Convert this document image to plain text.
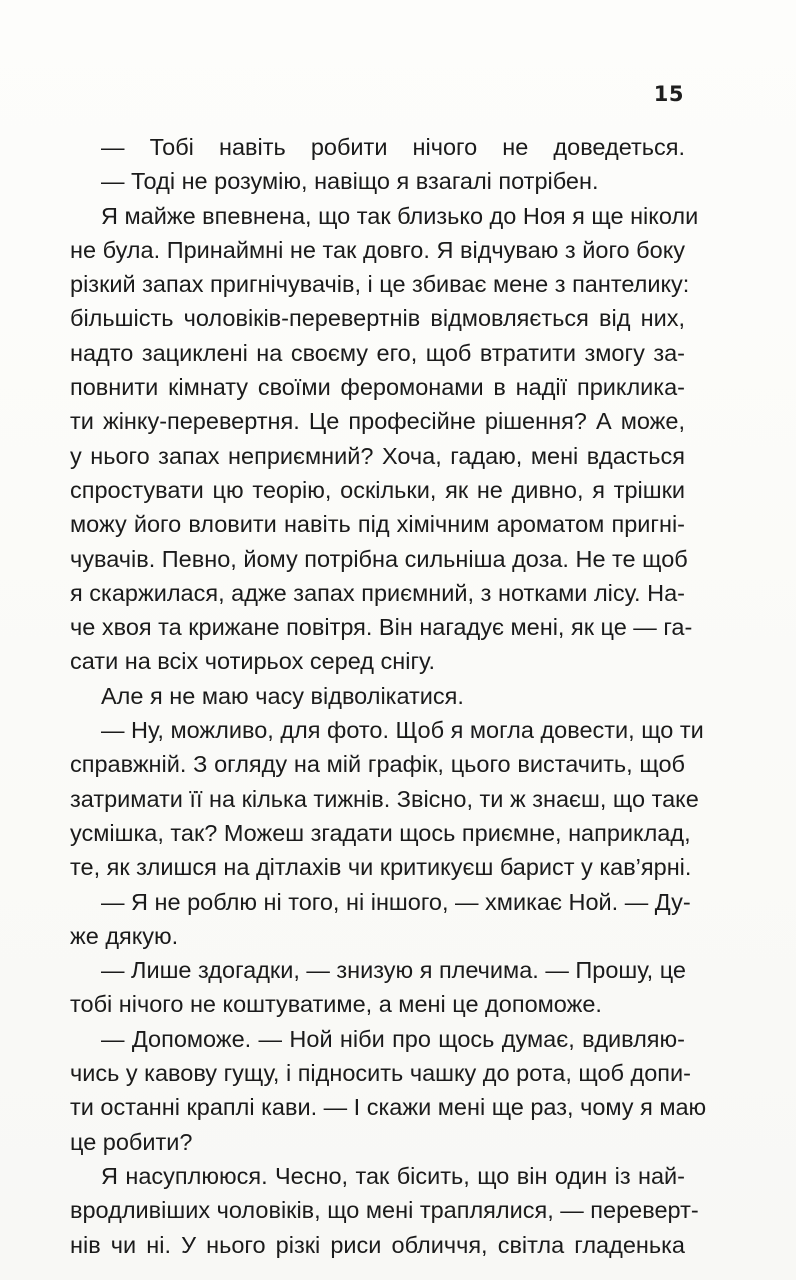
15
— Тобі навіть робити нічого не доведеться.
— Тоді не розумію, навіщо я взагалі потрібен.
Я майже впевнена, що так близько до Ноя я ще ніколи
не була. Принаймні не так довго. Я відчуваю з його боку
різкий запах пригнічувачів, і це збиває мене з пантелику:
більшість чоловіків-перевертнів відмовляється від них,
надто зациклені на своєму его, щоб втратити змогу за-
повнити кімнату своїми феромонами в надії приклика-
ти жінку-перевертня. Це професійне рішення? А може,
у нього запах неприємний? Хоча, гадаю, мені вдасться
спростувати цю теорію, оскільки, як не дивно, я трішки
можу його вловити навіть під хімічним ароматом пригні-
чувачів. Певно, йому потрібна сильніша доза. Не те щоб
я скаржилася, адже запах приємний, з нотками лісу. На-
че хвоя та крижане повітря. Він нагадує мені, як це — га-
сати на всіх чотирьох серед снігу.
Але я не маю часу відволікатися.
— Ну, можливо, для фото. Щоб я могла довести, що ти
справжній. З огляду на мій графік, цього вистачить, щоб
затримати її на кілька тижнів. Звісно, ти ж знаєш, що таке
усмішка, так? Можеш згадати щось приємне, наприклад,
те, як злишся на дітлахів чи критикуєш барист у кав’ярні.
— Я не роблю ні того, ні іншого, — хмикає Ной. — Ду-
же дякую.
— Лише здогадки, — знизую я плечима. — Прошу, це
тобі нічого не коштуватиме, а мені це допоможе.
— Допоможе. — Ной ніби про щось думає, вдивляю-
чись у кавову гущу, і підносить чашку до рота, щоб допи-
ти останні краплі кави. — І скажи мені ще раз, чому я маю
це робити?
Я насуплююся. Чесно, так бісить, що він один із най-
вродливіших чоловіків, що мені траплялися, — переверт-
нів чи ні. У нього різкі риси обличчя, світла гладенька
